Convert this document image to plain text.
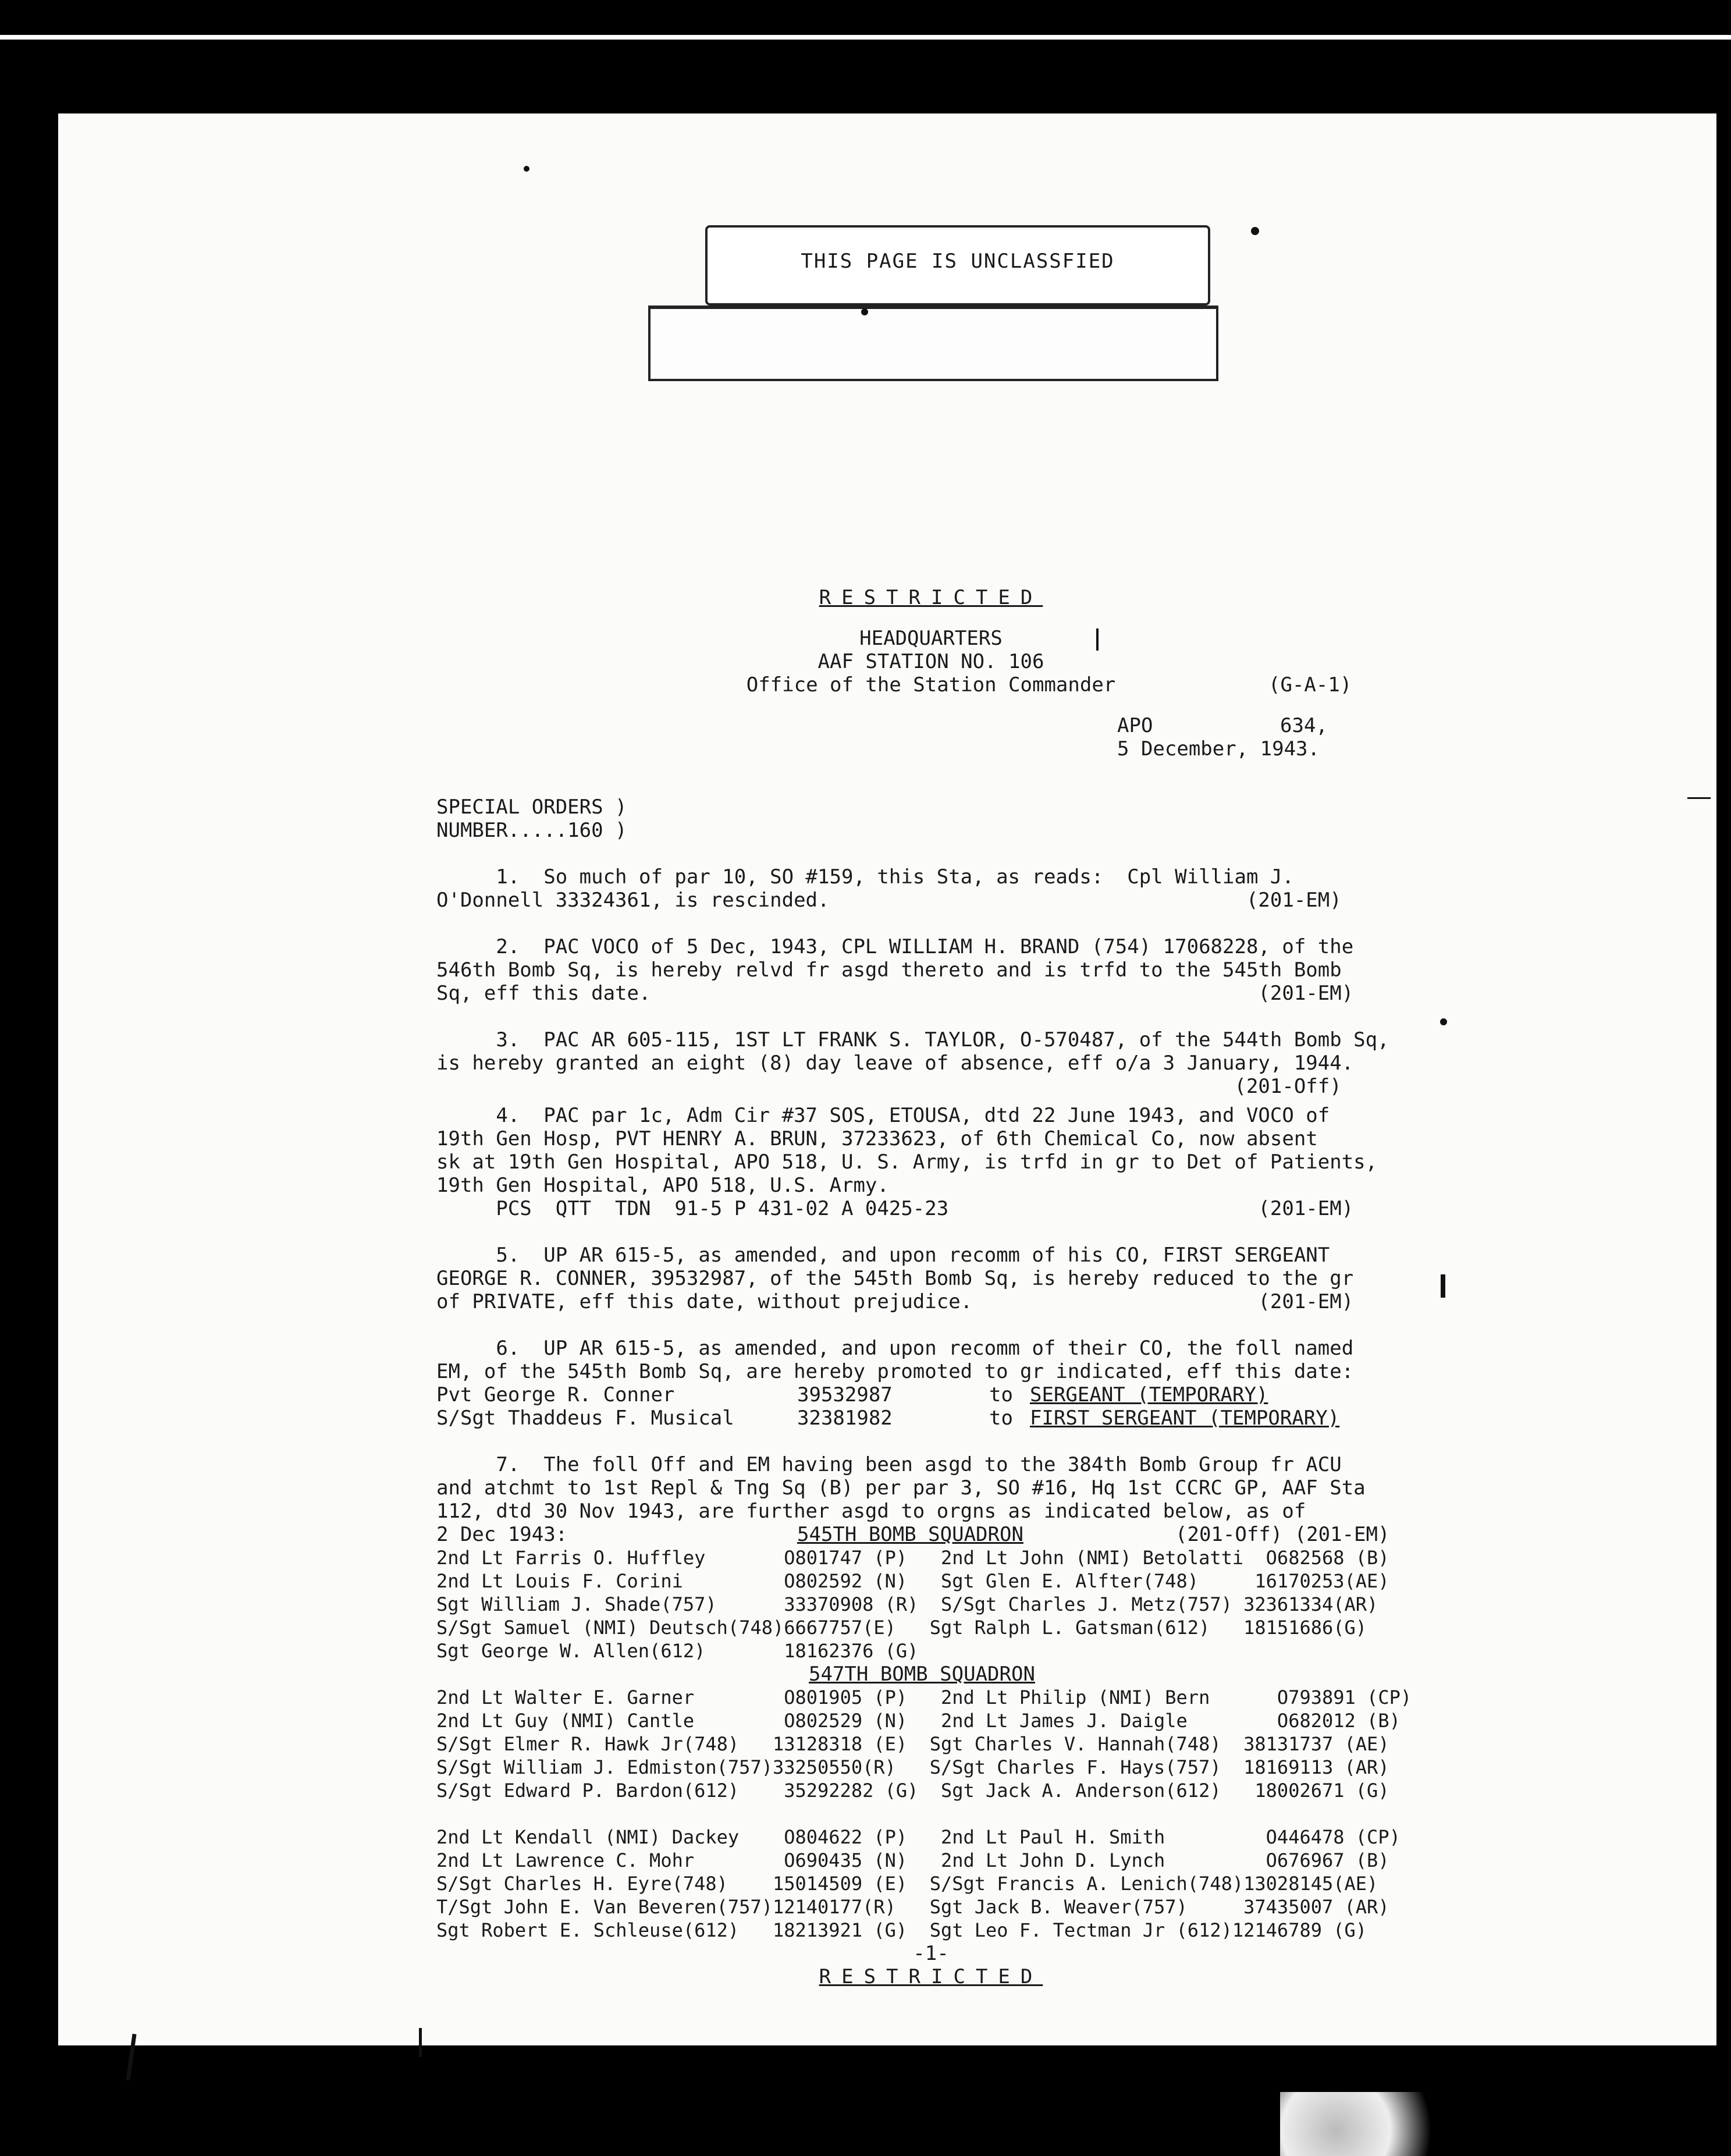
THIS PAGE IS UNCLASSFIED
RESTRICTED
HEADQUARTERS
AAF STATION NO. 106
Office of the Station Commander	(G-A-1)
APO	634,
5 December, 1943.
SPECIAL ORDERS )
NUMBER.....160 )
1.  So much of par 10, SO #159, this Sta, as reads:  Cpl William J.
O'Donnell 33324361, is rescinded.                                   (201-EM)
2.  PAC VOCO of 5 Dec, 1943, CPL WILLIAM H. BRAND (754) 17068228, of the
546th Bomb Sq, is hereby relvd fr asgd thereto and is trfd to the 545th Bomb
Sq, eff this date.                                                   (201-EM)
3.  PAC AR 605-115, 1ST LT FRANK S. TAYLOR, O-570487, of the 544th Bomb Sq,
is hereby granted an eight (8) day leave of absence, eff o/a 3 January, 1944.
(201-Off)
4.  PAC par 1c, Adm Cir #37 SOS, ETOUSA, dtd 22 June 1943, and VOCO of
19th Gen Hosp, PVT HENRY A. BRUN, 37233623, of 6th Chemical Co, now absent
sk at 19th Gen Hospital, APO 518, U. S. Army, is trfd in gr to Det of Patients,
19th Gen Hospital, APO 518, U.S. Army.
PCS  QTT  TDN  91-5 P 431-02 A 0425-23                          (201-EM)
5.  UP AR 615-5, as amended, and upon recomm of his CO, FIRST SERGEANT
GEORGE R. CONNER, 39532987, of the 545th Bomb Sq, is hereby reduced to the gr
of PRIVATE, eff this date, without prejudice.                        (201-EM)
6.  UP AR 615-5, as amended, and upon recomm of their CO, the foll named
EM, of the 545th Bomb Sq, are hereby promoted to gr indicated, eff this date:
Pvt George R. Conner	39532987	to SERGEANT (TEMPORARY)
S/Sgt Thaddeus F. Musical	32381982	to FIRST SERGEANT (TEMPORARY)
7.  The foll Off and EM having been asgd to the 384th Bomb Group fr ACU
and atchmt to 1st Repl & Tng Sq (B) per par 3, SO #16, Hq 1st CCRC GP, AAF Sta
112, dtd 30 Nov 1943, are further asgd to orgns as indicated below, as of
2 Dec 1943:	545TH BOMB SQUADRON	(201-Off) (201-EM)
2nd Lt Farris O. Huffley       O801747 (P)   2nd Lt John (NMI) Betolatti  O682568 (B)
2nd Lt Louis F. Corini         O802592 (N)   Sgt Glen E. Alfter(748)     16170253(AE)
Sgt William J. Shade(757)      33370908 (R)  S/Sgt Charles J. Metz(757) 32361334(AR)
S/Sgt Samuel (NMI) Deutsch(748)6667757(E)   Sgt Ralph L. Gatsman(612)   18151686(G)
Sgt George W. Allen(612)       18162376 (G)
547TH BOMB SQUADRON
2nd Lt Walter E. Garner        O801905 (P)   2nd Lt Philip (NMI) Bern      O793891 (CP)
2nd Lt Guy (NMI) Cantle        O802529 (N)   2nd Lt James J. Daigle        O682012 (B)
S/Sgt Elmer R. Hawk Jr(748)   13128318 (E)  Sgt Charles V. Hannah(748)  38131737 (AE)
S/Sgt William J. Edmiston(757)33250550(R)   S/Sgt Charles F. Hays(757)  18169113 (AR)
S/Sgt Edward P. Bardon(612)    35292282 (G)  Sgt Jack A. Anderson(612)   18002671 (G)
2nd Lt Kendall (NMI) Dackey    O804622 (P)   2nd Lt Paul H. Smith         O446478 (CP)
2nd Lt Lawrence C. Mohr        O690435 (N)   2nd Lt John D. Lynch         O676967 (B)
S/Sgt Charles H. Eyre(748)    15014509 (E)  S/Sgt Francis A. Lenich(748)13028145(AE)
T/Sgt John E. Van Beveren(757)12140177(R)   Sgt Jack B. Weaver(757)     37435007 (AR)
Sgt Robert E. Schleuse(612)   18213921 (G)  Sgt Leo F. Tectman Jr (612)12146789 (G)
-1-
RESTRICTED
